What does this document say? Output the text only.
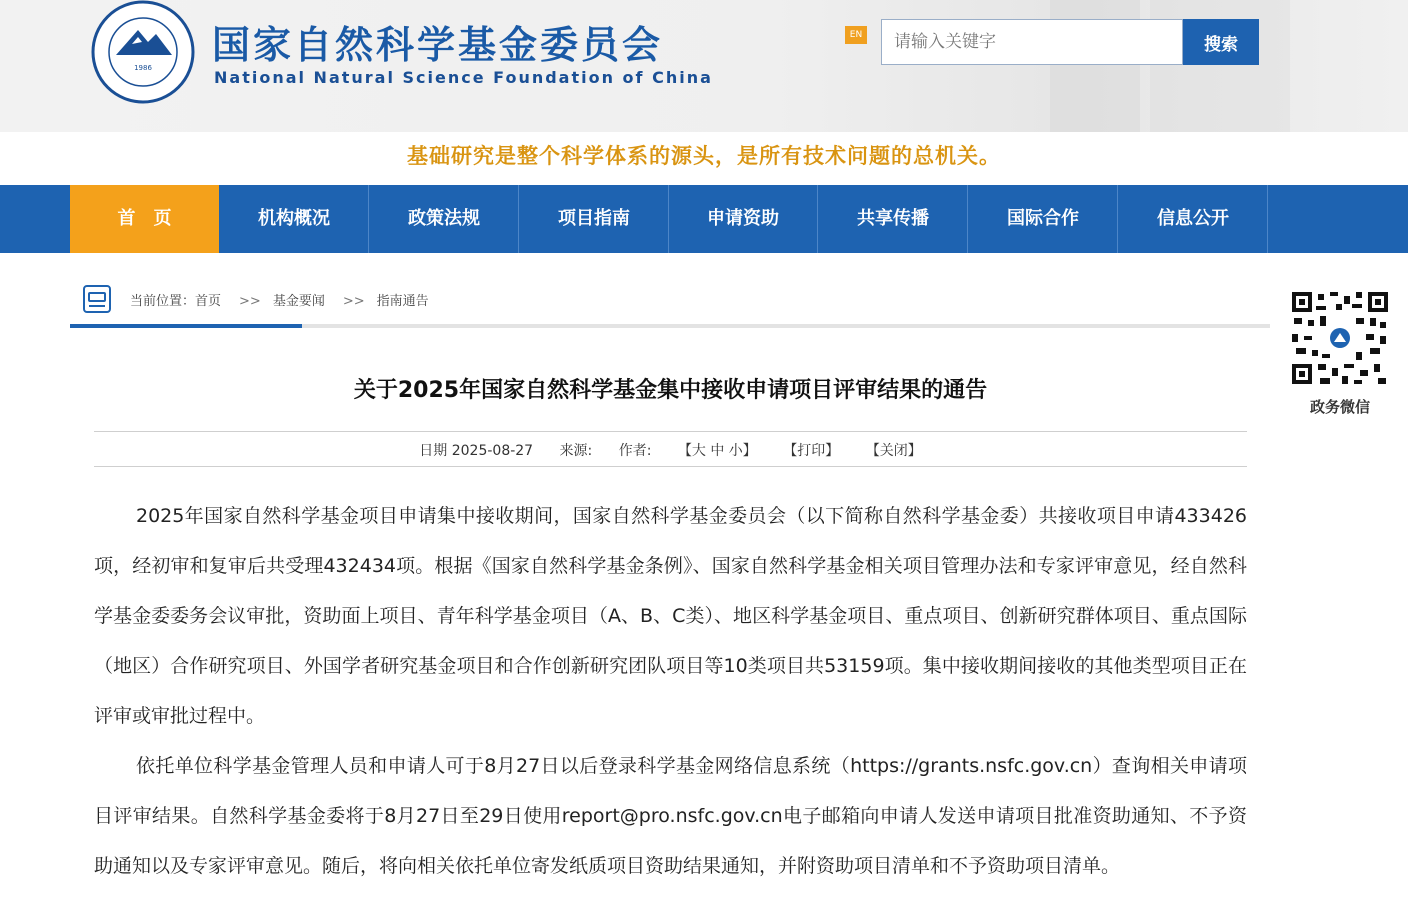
1986
国家自然科学基金委员会
National Natural Science Foundation of China
EN
请输入关键字	搜索
基础研究是整个科学体系的源头，是所有技术问题的总机关。
首　页	机构概况	政策法规	项目指南	申请资助	共享传播	国际合作	信息公开
当前位置：首页 >> 基金要闻 >> 指南通告
政务微信
关于2025年国家自然科学基金集中接收申请项目评审结果的通告
日期 2025-08-27 来源: 作者: 【大 中 小】 【打印】 【关闭】

2025年国家自然科学基金项目申请集中接收期间，国家自然科学基金委员会（以下简称自然科学基金委）共接收项目申请433426项，经初审和复审后共受理432434项。根据《国家自然科学基金条例》、国家自然科学基金相关项目管理办法和专家评审意见，经自然科学基金委委务会议审批，资助面上项目、青年科学基金项目（A、B、C类）、地区科学基金项目、重点项目、创新研究群体项目、重点国际（地区）合作研究项目、外国学者研究基金项目和合作创新研究团队项目等10类项目共53159项。集中接收期间接收的其他类型项目正在评审或审批过程中。

依托单位科学基金管理人员和申请人可于8月27日以后登录科学基金网络信息系统（https://grants.nsfc.gov.cn）查询相关申请项目评审结果。自然科学基金委将于8月27日至29日使用report@pro.nsfc.gov.cn电子邮箱向申请人发送申请项目批准资助通知、不予资助通知以及专家评审意见。随后，将向相关依托单位寄发纸质项目资助结果通知，并附资助项目清单和不予资助项目清单。
